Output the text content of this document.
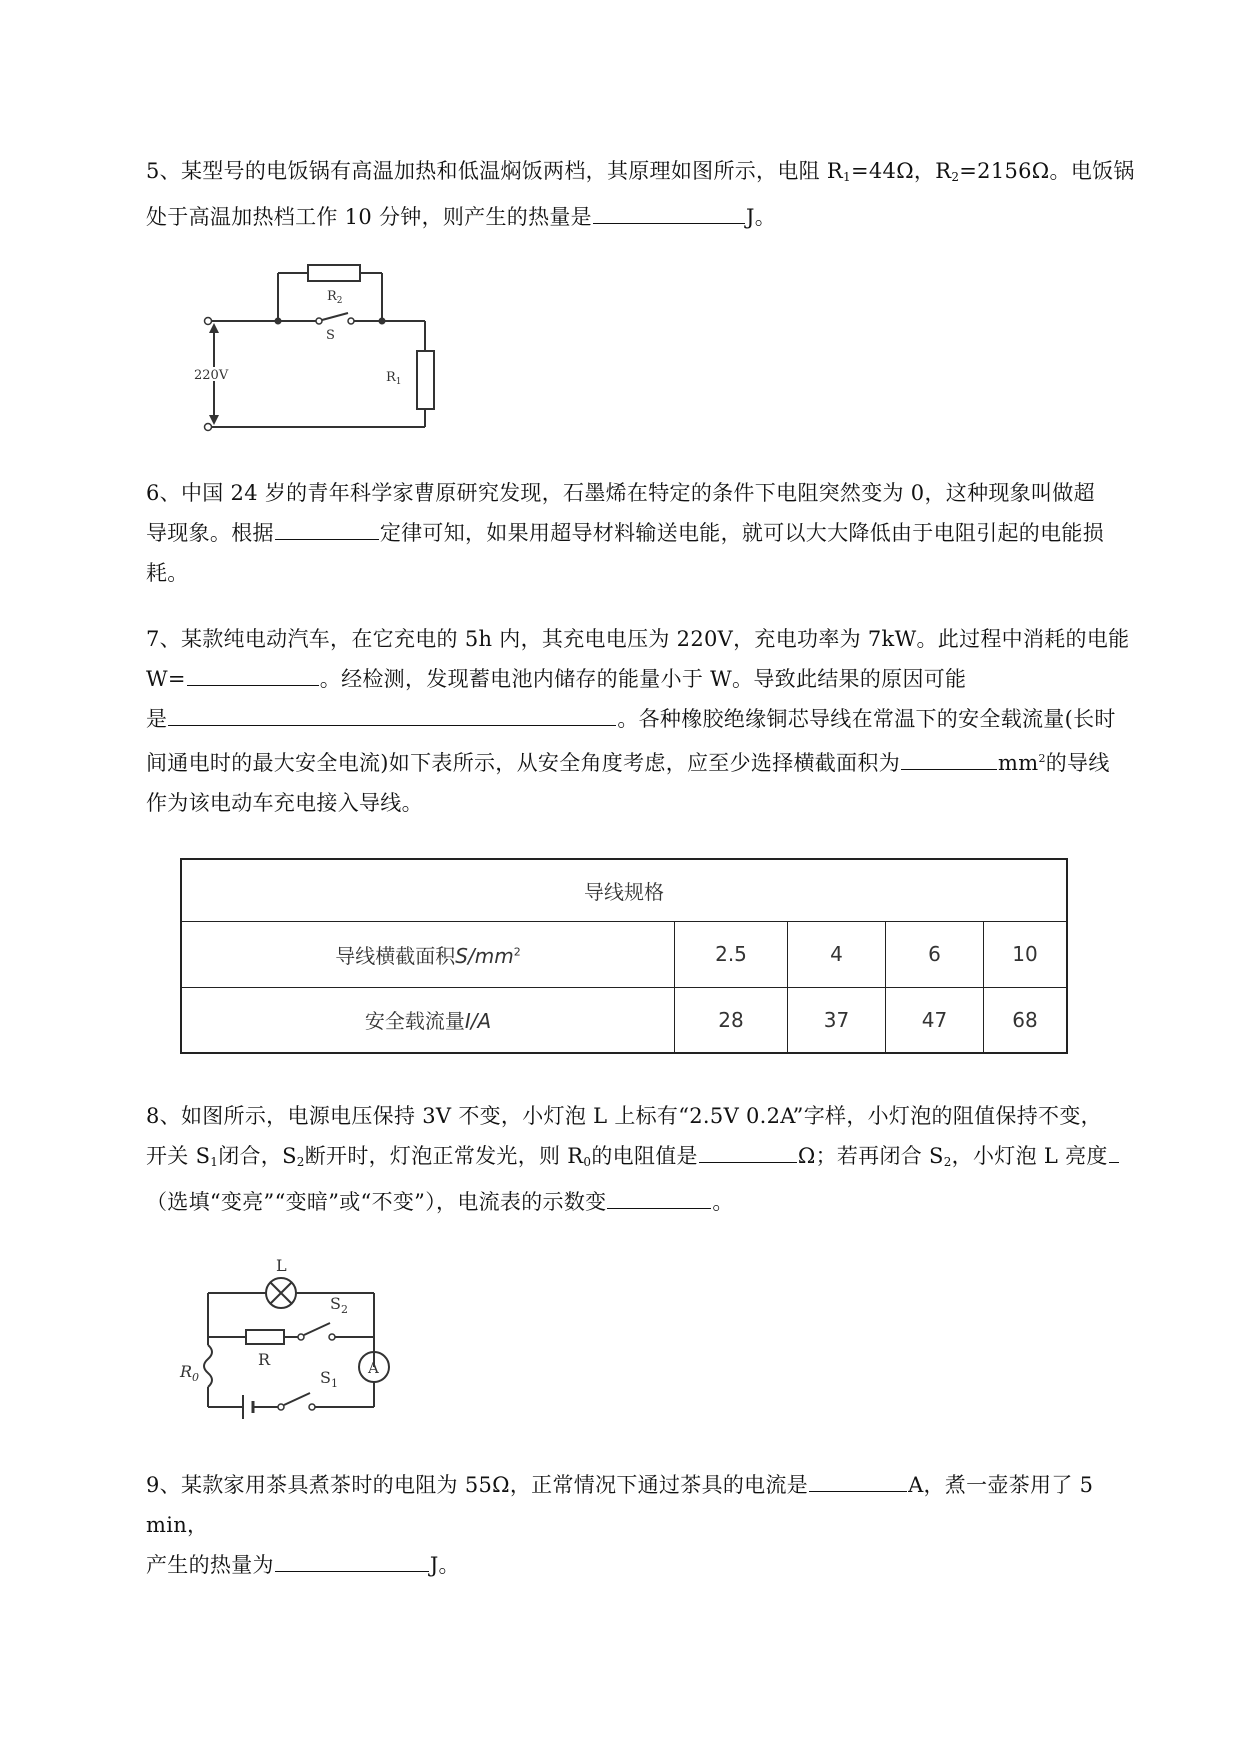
5、某型号的电饭锅有高温加热和低温焖饭两档，其原理如图所示，电阻 $R_1=44\Omega$，$R_2=2156\Omega$。电饭锅
处于高温加热档工作 10 分钟，则产生的热量是	J。
$R_2$
S
220V	$R_1$
6、中国 24 岁的青年科学家曹原研究发现，石墨烯在特定的条件下电阻突然变为 0，这种现象叫做超
导现象。根据	定律可知，如果用超导材料输送电能，就可以大大降低由于电阻引起的电能损
耗。
7、某款纯电动汽车，在它充电的 5h 内，其充电电压为 220V，充电功率为 7kW。此过程中消耗的电能
W=	。经检测，发现蓄电池内储存的能量小于 W。导致此结果的原因可能
是	。各种橡胶绝缘铜芯导线在常温下的安全载流量(长时
间通电时的最大安全电流)如下表所示，从安全角度考虑，应至少选择横截面积为	$mm^2$的导线
作为该电动车充电接入导线。
导线规格				
导线横截面积$S/mm^2$	2.5	4	6	10
安全载流量I/A	28	37	47	68
8、如图所示，电源电压保持 3V 不变，小灯泡 L 上标有“2.5V 0.2A”字样，小灯泡的阻值保持不变，
开关 $S_1$闭合，$S_2$断开时，灯泡正常发光，则 $R_0$的电阻值是	Ω；若再闭合 $S_2$，小灯泡 L 亮度
（选填“变亮”“变暗”或“不变”），电流表的示数变	。
L
$S_2$
R
$S_1$
A
$R_0$
9、某款家用茶具煮茶时的电阻为 55Ω，正常情况下通过茶具的电流是	A，煮一壶茶用了 5 min，
产生的热量为	J。
